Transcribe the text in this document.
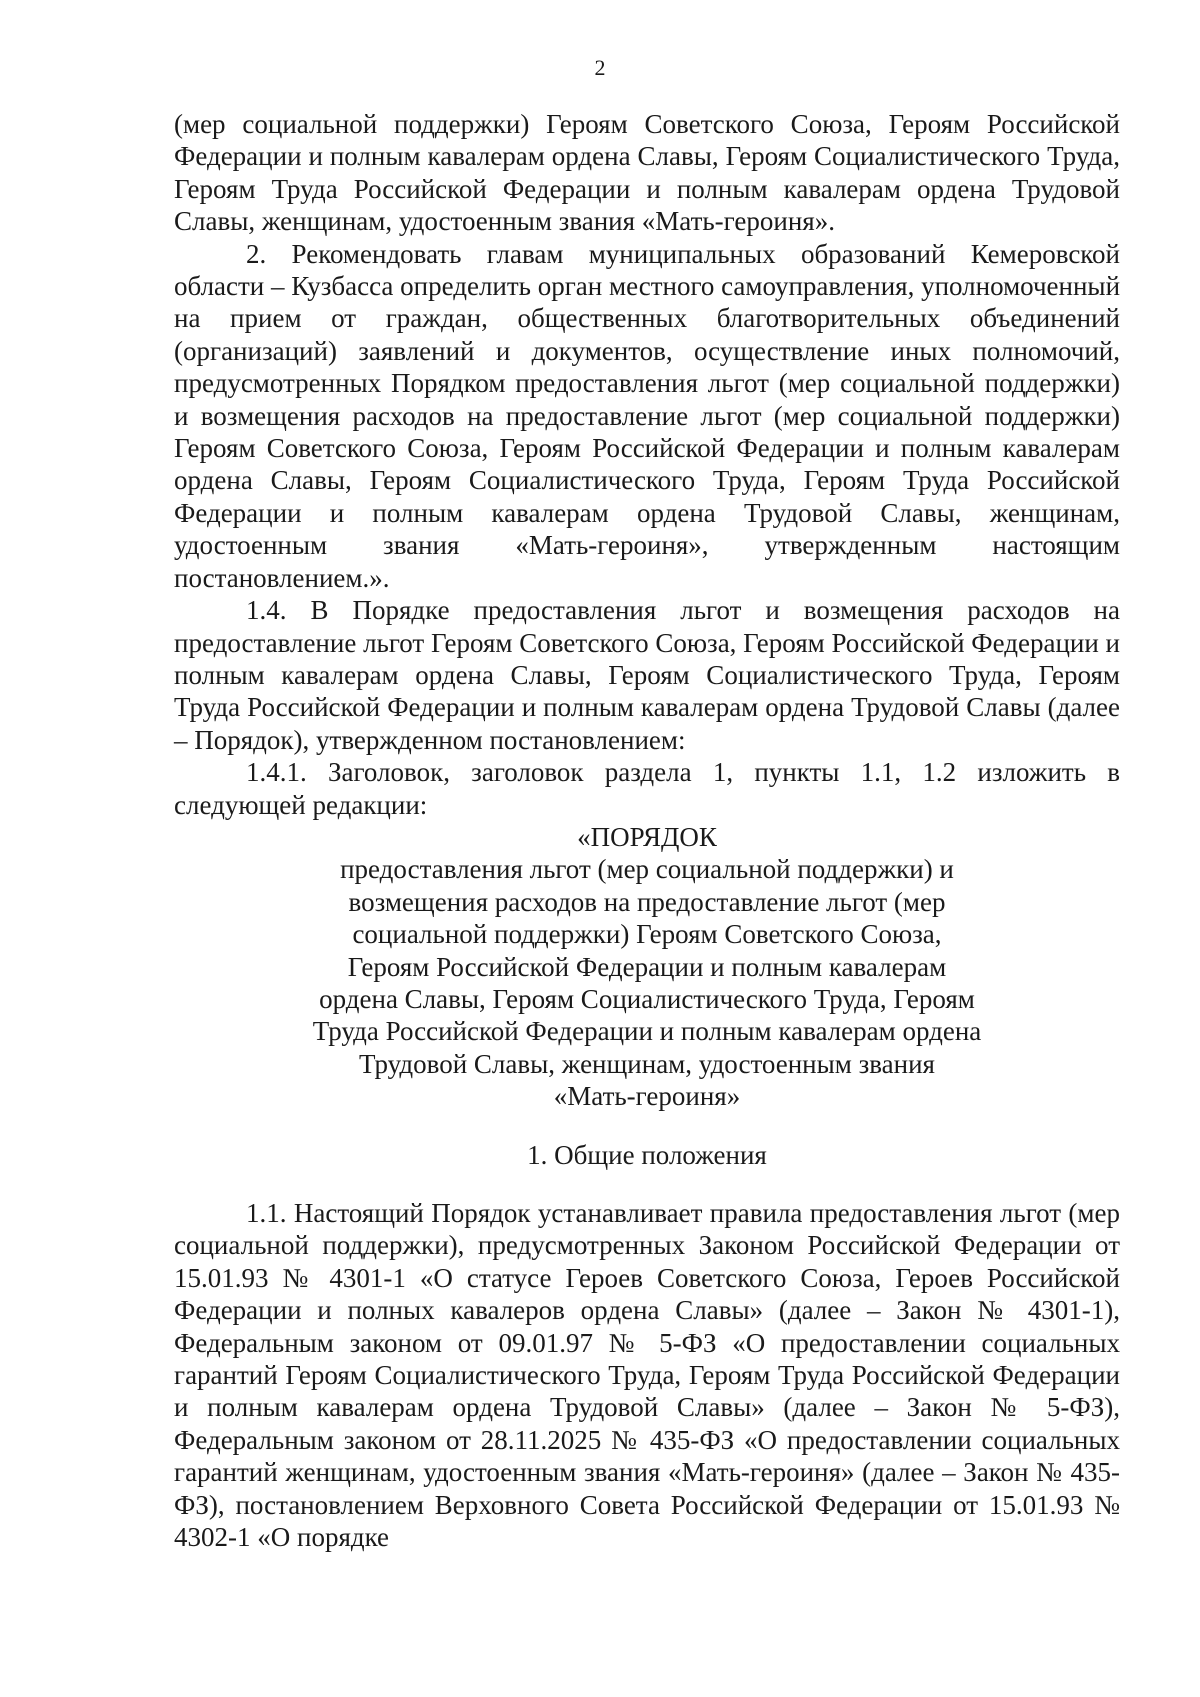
2

(мер социальной поддержки) Героям Советского Союза, Героям Российской Федерации и полным кавалерам ордена Славы, Героям Социалистического Труда, Героям Труда Российской Федерации и полным кавалерам ордена Трудовой Славы, женщинам, удостоенным звания «Мать-героиня».

2. Рекомендовать главам муниципальных образований Кемеровской области – Кузбасса определить орган местного самоуправления, уполномоченный на прием от граждан, общественных благотворительных объединений (организаций) заявлений и документов, осуществление иных полномочий, предусмотренных Порядком предоставления льгот (мер социальной поддержки) и возмещения расходов на предоставление льгот (мер социальной поддержки) Героям Советского Союза, Героям Российской Федерации и полным кавалерам ордена Славы, Героям Социалистического Труда, Героям Труда Российской Федерации и полным кавалерам ордена Трудовой Славы, женщинам, удостоенным звания «Мать-героиня», утвержденным настоящим постановлением.».

1.4. В Порядке предоставления льгот и возмещения расходов на предоставление льгот Героям Советского Союза, Героям Российской Федерации и полным кавалерам ордена Славы, Героям Социалистического Труда, Героям Труда Российской Федерации и полным кавалерам ордена Трудовой Славы (далее – Порядок), утвержденном постановлением:

1.4.1. Заголовок, заголовок раздела 1, пункты 1.1, 1.2 изложить в следующей редакции:

«ПОРЯДОК
предоставления льгот (мер социальной поддержки) и
возмещения расходов на предоставление льгот (мер
социальной поддержки) Героям Советского Союза,
Героям Российской Федерации и полным кавалерам
ордена Славы, Героям Социалистического Труда, Героям
Труда Российской Федерации и полным кавалерам ордена
Трудовой Славы, женщинам, удостоенным звания
«Мать-героиня»

1. Общие положения

1.1. Настоящий Порядок устанавливает правила предоставления льгот (мер социальной поддержки), предусмотренных Законом Российской Федерации от 15.01.93 № 4301-1 «О статусе Героев Советского Союза, Героев Российской Федерации и полных кавалеров ордена Славы» (далее – Закон № 4301-1), Федеральным законом от 09.01.97 № 5-ФЗ «О предоставлении социальных гарантий Героям Социалистического Труда, Героям Труда Российской Федерации и полным кавалерам ордена Трудовой Славы» (далее – Закон № 5-ФЗ), Федеральным законом от 28.11.2025 № 435-ФЗ «О предоставлении социальных гарантий женщинам, удостоенным звания «Мать-героиня» (далее – Закон № 435-ФЗ), постановлением Верховного Совета Российской Федерации от 15.01.93 № 4302-1 «О порядке
